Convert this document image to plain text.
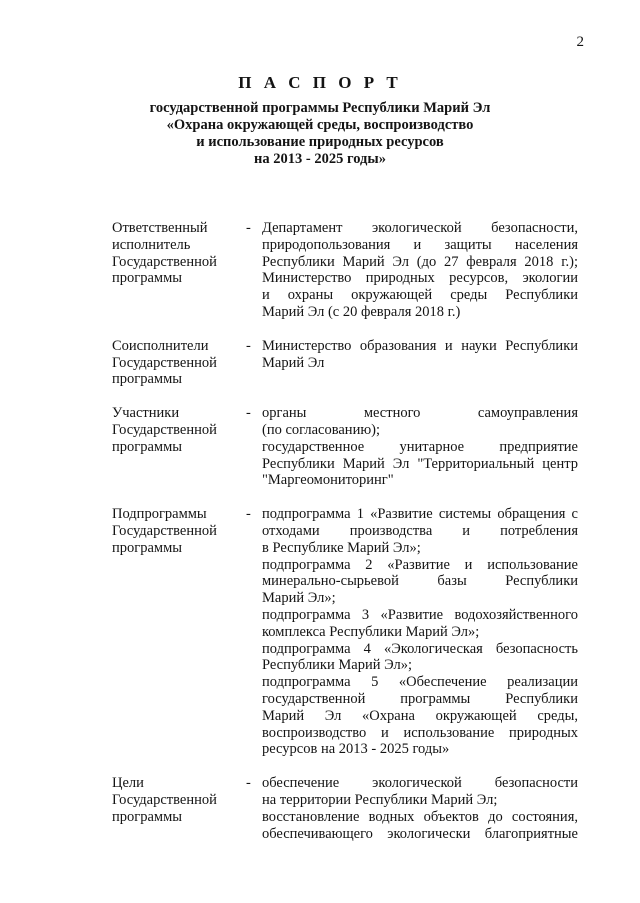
2
П А С П О Р Т
государственной программы Республики Марий Эл
«Охрана окружающей среды, воспроизводство
и использование природных ресурсов
на 2013 - 2025 годы»
Ответственный
исполнитель
Государственной
программы
- Департамент экологической безопасности,
природопользования и защиты населения
Республики Марий Эл (до 27 февраля 2018 г.);
Министерство природных ресурсов, экологии
и охраны окружающей среды Республики
Марий Эл (с 20 февраля 2018 г.)
Соисполнители
Государственной
программы
- Министерство образования и науки Республики
Марий Эл
Участники
Государственной
программы
- органы местного самоуправления
(по согласованию);
государственное унитарное предприятие
Республики Марий Эл "Территориальный центр
"Маргеомониторинг"
Подпрограммы
Государственной
программы
- подпрограмма 1 «Развитие системы обращения с
отходами производства и потребления
в Республике Марий Эл»;
подпрограмма 2 «Развитие и использование
минерально-сырьевой базы Республики
Марий Эл»;
подпрограмма 3 «Развитие водохозяйственного
комплекса Республики Марий Эл»;
подпрограмма 4 «Экологическая безопасность
Республики Марий Эл»;
подпрограмма 5 «Обеспечение реализации
государственной программы Республики
Марий Эл «Охрана окружающей среды,
воспроизводство и использование природных
ресурсов на 2013 - 2025 годы»
Цели
Государственной
программы
- обеспечение экологической безопасности
на территории Республики Марий Эл;
восстановление водных объектов до состояния,
обеспечивающего экологически благоприятные
